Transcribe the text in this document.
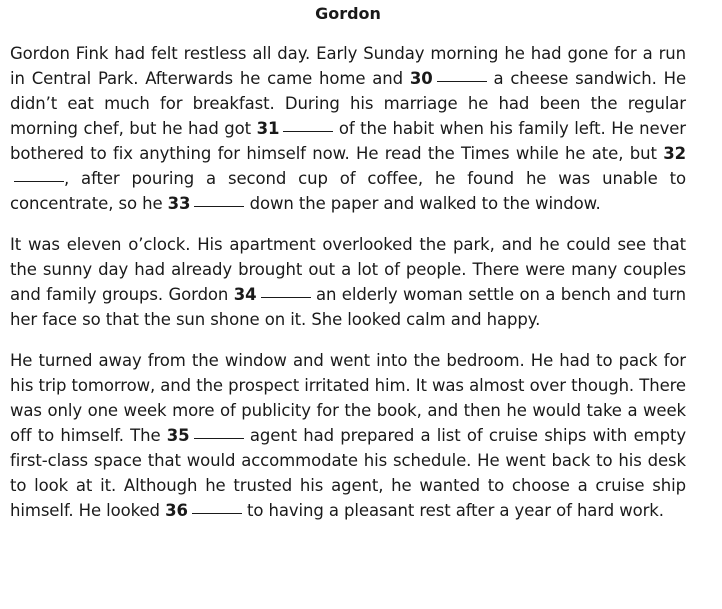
Gordon

Gordon Fink had felt restless all day. Early Sunday morning he had gone for a run in Central Park. Afterwards he came home and 30	a cheese sandwich. He didn’t eat much for breakfast. During his marriage he had been the regular morning chef, but he had got 31	of the habit when his family left. He never bothered to fix anything for himself now. He read the Times while he ate, but 32, after pouring a second cup of coffee, he found he was unable to concentrate, so he 33	down the paper and walked to the window.

It was eleven o’clock. His apartment overlooked the park, and he could see that the sunny day had already brought out a lot of people. There were many couples and family groups. Gordon 34	an elderly woman settle on a bench and turn her face so that the sun shone on it. She looked calm and happy.

He turned away from the window and went into the bedroom. He had to pack for his trip tomorrow, and the prospect irritated him. It was almost over though. There was only one week more of publicity for the book, and then he would take a week off to himself. The 35	agent had prepared a list of cruise ships with empty first-class space that would accommodate his schedule. He went back to his desk to look at it. Although he trusted his agent, he wanted to choose a cruise ship himself. He looked 36	to having a pleasant rest after a year of hard work.
